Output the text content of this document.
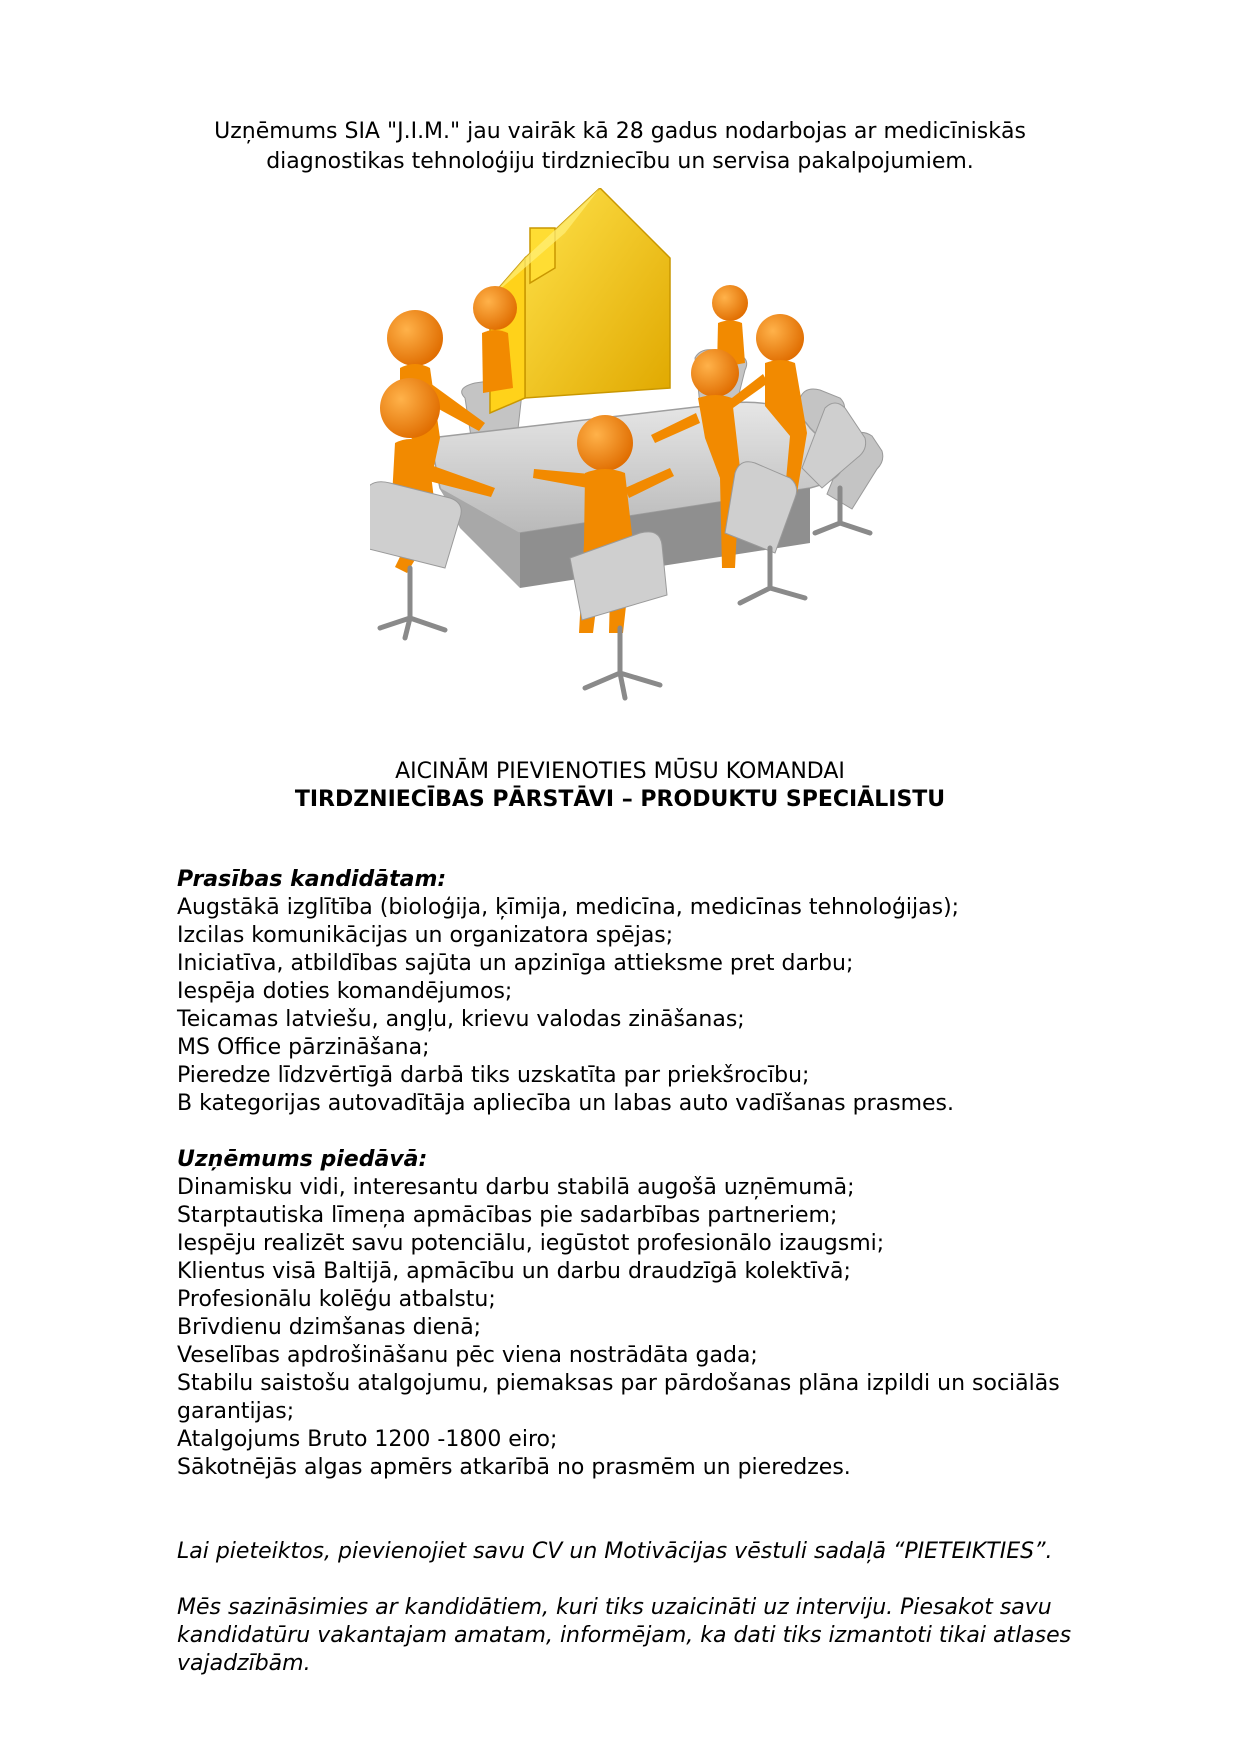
Uzņēmums SIA "J.I.M." jau vairāk kā 28 gadus nodarbojas ar medicīniskās
diagnostikas tehnoloģiju tirdzniecību un servisa pakalpojumiem.
AICINĀM PIEVIENOTIES MŪSU KOMANDAI
TIRDZNIECĪBAS PĀRSTĀVI – PRODUKTU SPECIĀLISTU
Prasības kandidātam:
Augstākā izglītība (bioloģija, ķīmija, medicīna, medicīnas tehnoloģijas);
Izcilas komunikācijas un organizatora spējas;
Iniciatīva, atbildības sajūta un apzinīga attieksme pret darbu;
Iespēja doties komandējumos;
Teicamas latviešu, angļu, krievu valodas zināšanas;
MS Office pārzināšana;
Pieredze līdzvērtīgā darbā tiks uzskatīta par priekšrocību;
B kategorijas autovadītāja apliecība un labas auto vadīšanas prasmes.
Uzņēmums piedāvā:
Dinamisku vidi, interesantu darbu stabilā augošā uzņēmumā;
Starptautiska līmeņa apmācības pie sadarbības partneriem;
Iespēju realizēt savu potenciālu, iegūstot profesionālo izaugsmi;
Klientus visā Baltijā, apmācību un darbu draudzīgā kolektīvā;
Profesionālu kolēģu atbalstu;
Brīvdienu dzimšanas dienā;
Veselības apdrošināšanu pēc viena nostrādāta gada;
Stabilu saistošu atalgojumu, piemaksas par pārdošanas plāna izpildi un sociālās
garantijas;
Atalgojums Bruto 1200 -1800 eiro;
Sākotnējās algas apmērs atkarībā no prasmēm un pieredzes.
Lai pieteiktos, pievienojiet savu CV un Motivācijas vēstuli sadaļā “PIETEIKTIES”.
Mēs sazināsimies ar kandidātiem, kuri tiks uzaicināti uz interviju. Piesakot savu
kandidatūru vakantajam amatam, informējam, ka dati tiks izmantoti tikai atlases
vajadzībām.
